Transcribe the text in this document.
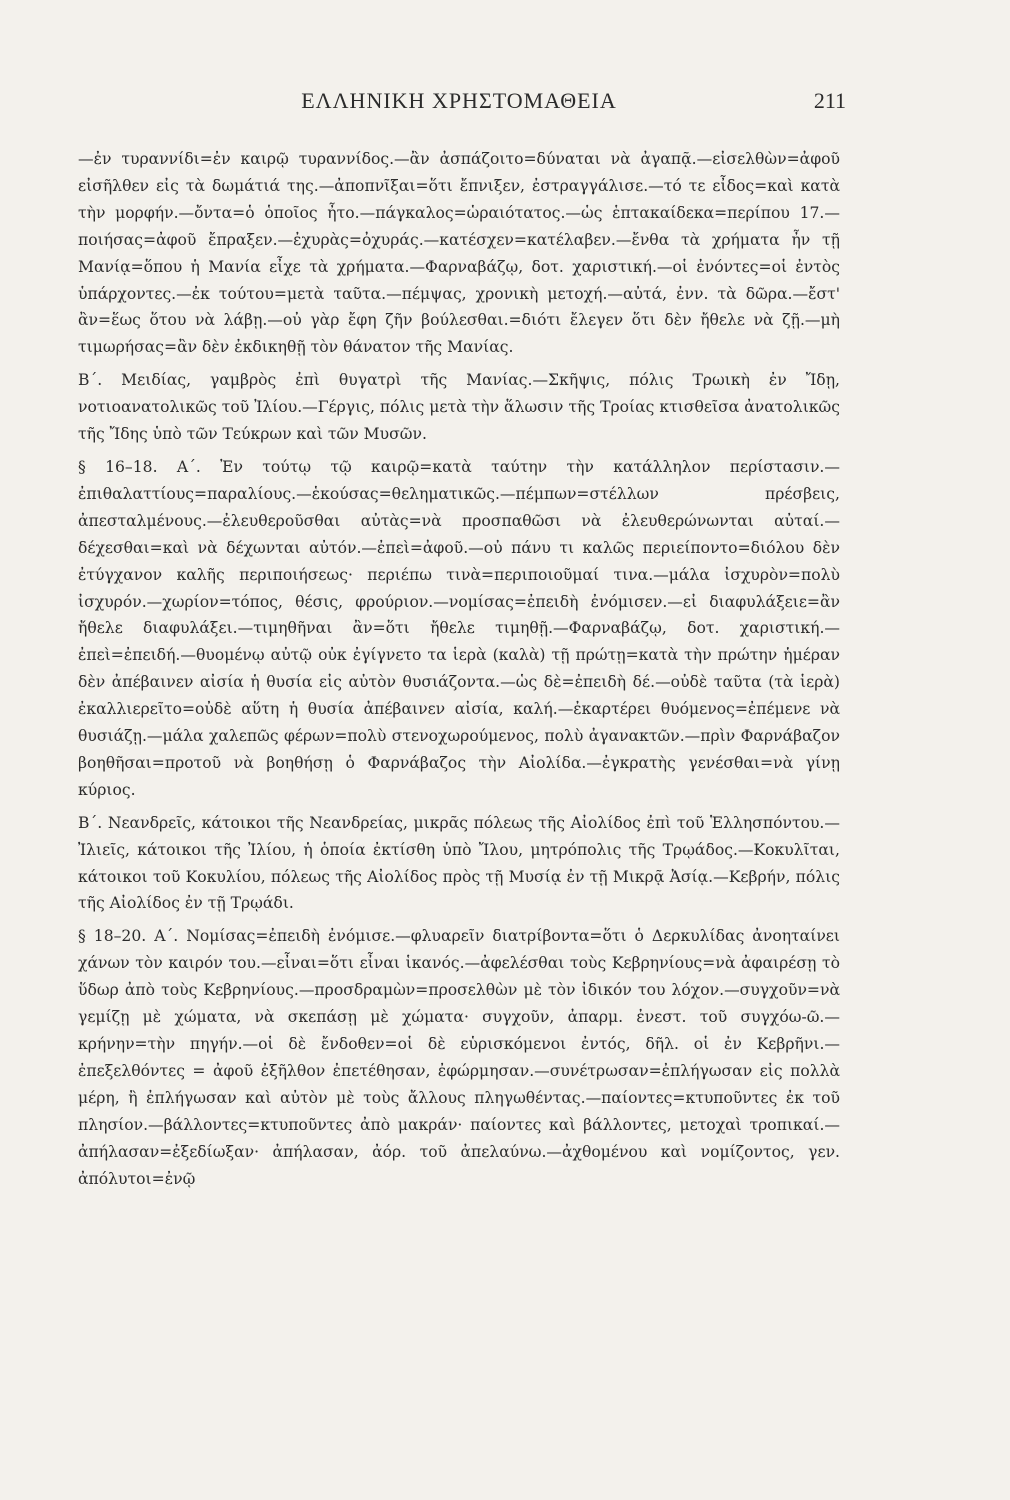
ΕΛΛΗΝΙΚΗ ΧΡΗΣΤΟΜΑΘΕΙΑ	211

—ἐν τυραννίδι=ἐν καιρῷ τυραννίδος.—ἂν ἀσπάζοιτο=δύναται νὰ ἀγαπᾷ.—εἰσελθὼν=ἀφοῦ εἰσῆλθεν εἰς τὰ δωμάτιά της.—ἀποπνῖξαι=ὅτι ἔπνιξεν, ἐστραγγάλισε.—τό τε εἶδος=καὶ κατὰ τὴν μορφήν.—ὄντα=ὁ ὁποῖος ἦτο.—πάγκαλος=ὡραιότατος.—ὡς ἑπτακαίδεκα=περίπου 17.—ποιήσας=ἀφοῦ ἔπραξεν.—ἐχυρὰς=ὀχυράς.—κατέσχεν=κατέλαβεν.—ἔνθα τὰ χρήματα ἦν τῇ Μανίᾳ=ὅπου ἡ Μανία εἶχε τὰ χρήματα.—Φαρναβάζῳ, δοτ. χαριστική.—οἱ ἐνόντες=οἱ ἐντὸς ὑπάρχοντες.—ἐκ τούτου=μετὰ ταῦτα.—πέμψας, χρονικὴ μετοχή.—αὐτά, ἐνν. τὰ δῶρα.—ἔστ' ἂν=ἕως ὅτου νὰ λάβῃ.—οὐ γὰρ ἔφη ζῆν βούλεσθαι.=διότι ἔλεγεν ὅτι δὲν ἤθελε νὰ ζῇ.—μὴ τιμωρήσας=ἂν δὲν ἐκδικηθῇ τὸν θάνατον τῆς Μανίας.

Β΄. Μειδίας, γαμβρὸς ἐπὶ θυγατρὶ τῆς Μανίας.—Σκῆψις, πόλις Τρωικὴ ἐν Ἴδῃ, νοτιοανατολικῶς τοῦ Ἰλίου.—Γέργις, πόλις μετὰ τὴν ἅλωσιν τῆς Τροίας κτισθεῖσα ἀνατολικῶς τῆς Ἴδης ὑπὸ τῶν Τεύκρων καὶ τῶν Μυσῶν.

§ 16–18. Α΄. Ἐν τούτῳ τῷ καιρῷ=κατὰ ταύτην τὴν κατάλληλον περίστασιν.—ἐπιθαλαττίους=παραλίους.—ἑκούσας=θεληματικῶς.—πέμπων=στέλλων πρέσβεις, ἀπεσταλμένους.—ἐλευθεροῦσθαι αὐτὰς=νὰ προσπαθῶσι νὰ ἐλευθερώνωνται αὐταί.—δέχεσθαι=καὶ νὰ δέχωνται αὐτόν.—ἐπεὶ=ἀφοῦ.—οὐ πάνυ τι καλῶς περιείποντο=διόλου δὲν ἐτύγχανον καλῆς περιποιήσεως· περιέπω τινὰ=περιποιοῦμαί τινα.—μάλα ἰσχυρὸν=πολὺ ἰσχυρόν.—χωρίον=τόπος, θέσις, φρούριον.—νομίσας=ἐπειδὴ ἐνόμισεν.—εἰ διαφυλάξειε=ἂν ἤθελε διαφυλάξει.—τιμηθῆναι ἂν=ὅτι ἤθελε τιμηθῇ.—Φαρναβάζῳ, δοτ. χαριστική.—ἐπεὶ=ἐπειδή.—θυομένῳ αὐτῷ οὐκ ἐγίγνετο τα ἱερὰ (καλὰ) τῇ πρώτῃ=κατὰ τὴν πρώτην ἡμέραν δὲν ἀπέβαινεν αἰσία ἡ θυσία εἰς αὐτὸν θυσιάζοντα.—ὡς δὲ=ἐπειδὴ δέ.—οὐδὲ ταῦτα (τὰ ἱερὰ) ἐκαλλιερεῖτο=οὐδὲ αὕτη ἡ θυσία ἀπέβαινεν αἰσία, καλή.—ἐκαρτέρει θυόμενος=ἐπέμενε νὰ θυσιάζῃ.—μάλα χαλεπῶς φέρων=πολὺ στενοχωρούμενος, πολὺ ἀγανακτῶν.—πρὶν Φαρνάβαζον βοηθῆσαι=προτοῦ νὰ βοηθήσῃ ὁ Φαρνάβαζος τὴν Αἰολίδα.—ἐγκρατὴς γενέσθαι=νὰ γίνῃ κύριος.

Β΄. Νεανδρεῖς, κάτοικοι τῆς Νεανδρείας, μικρᾶς πόλεως τῆς Αἰολίδος ἐπὶ τοῦ Ἑλλησπόντου.—Ἰλιεῖς, κάτοικοι τῆς Ἰλίου, ἡ ὁποία ἐκτίσθη ὑπὸ Ἴλου, μητρόπολις τῆς Τρῳάδος.—Κοκυλῖται, κάτοικοι τοῦ Κοκυλίου, πόλεως τῆς Αἰολίδος πρὸς τῇ Μυσίᾳ ἐν τῇ Μικρᾷ Ἀσίᾳ.—Κεβρήν, πόλις τῆς Αἰολίδος ἐν τῇ Τρῳάδι.

§ 18–20. Α΄. Νομίσας=ἐπειδὴ ἐνόμισε.—φλυαρεῖν διατρίβοντα=ὅτι ὁ Δερκυλίδας ἀνοηταίνει χάνων τὸν καιρόν του.—εἶναι=ὅτι εἶναι ἱκανός.—ἀφελέσθαι τοὺς Κεβρηνίους=νὰ ἀφαιρέσῃ τὸ ὕδωρ ἀπὸ τοὺς Κεβρηνίους.—προσδραμὼν=προσελθὼν μὲ τὸν ἰδικόν του λόχον.—συγχοῦν=νὰ γεμίζῃ μὲ χώματα, νὰ σκεπάσῃ μὲ χώματα· συγχοῦν, ἀπαρμ. ἐνεστ. τοῦ συγχόω-ῶ.—κρήνην=τὴν πηγήν.—οἱ δὲ ἔνδοθεν=οἱ δὲ εὑρισκόμενοι ἐντός, δῆλ. οἱ ἐν Κεβρῆνι.—ἐπεξελθόντες = ἀφοῦ ἐξῆλθον ἐπετέθησαν, ἐφώρμησαν.—συνέτρωσαν=ἐπλήγωσαν εἰς πολλὰ μέρη, ἢ ἐπλήγωσαν καὶ αὐτὸν μὲ τοὺς ἄλλους πληγωθέντας.—παίοντες=κτυποῦντες ἐκ τοῦ πλησίον.—βάλλοντες=κτυποῦντες ἀπὸ μακράν· παίοντες καὶ βάλλοντες, μετοχαὶ τροπικαί.—ἀπήλασαν=ἐξεδίωξαν· ἀπήλασαν, ἀόρ. τοῦ ἀπελαύνω.—ἀχθομένου καὶ νομίζοντος, γεν. ἀπόλυτοι=ἐνῷ
